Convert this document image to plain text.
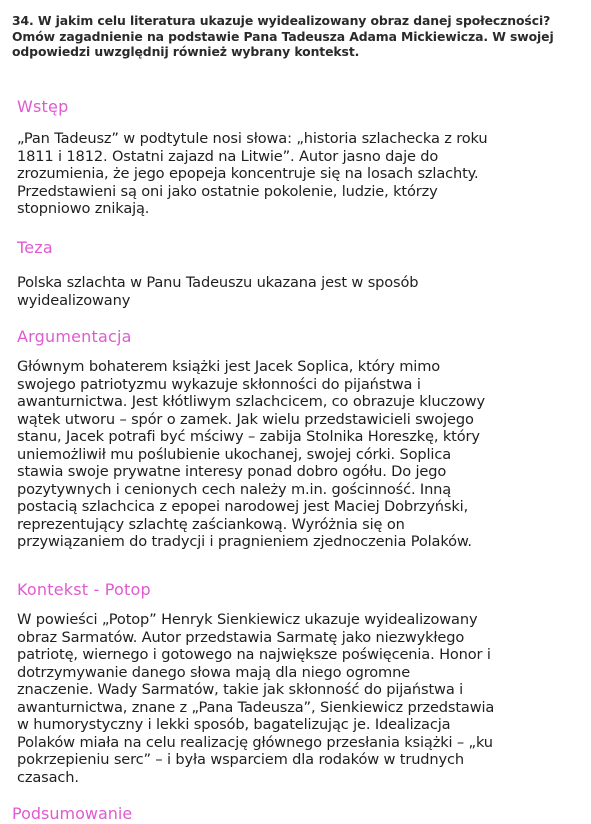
34. W jakim celu literatura ukazuje wyidealizowany obraz danej społeczności?
Omów zagadnienie na podstawie Pana Tadeusza Adama Mickiewicza. W swojej
odpowiedzi uwzględnij również wybrany kontekst.
Wstęp
„Pan Tadeusz” w podtytule nosi słowa: „historia szlachecka z roku
1811 i 1812. Ostatni zajazd na Litwie”. Autor jasno daje do
zrozumienia, że jego epopeja koncentruje się na losach szlachty.
Przedstawieni są oni jako ostatnie pokolenie, ludzie, którzy
stopniowo znikają.
Teza
Polska szlachta w Panu Tadeuszu ukazana jest w sposób
wyidealizowany
Argumentacja
Głównym bohaterem książki jest Jacek Soplica, który mimo
swojego patriotyzmu wykazuje skłonności do pijaństwa i
awanturnictwa. Jest kłótliwym szlachcicem, co obrazuje kluczowy
wątek utworu – spór o zamek. Jak wielu przedstawicieli swojego
stanu, Jacek potrafi być mściwy – zabija Stolnika Horeszkę, który
uniemożliwił mu poślubienie ukochanej, swojej córki. Soplica
stawia swoje prywatne interesy ponad dobro ogółu. Do jego
pozytywnych i cenionych cech należy m.in. gościnność. Inną
postacią szlachcica z epopei narodowej jest Maciej Dobrzyński,
reprezentujący szlachtę zaściankową. Wyróżnia się on
przywiązaniem do tradycji i pragnieniem zjednoczenia Polaków.
Kontekst - Potop
W powieści „Potop” Henryk Sienkiewicz ukazuje wyidealizowany
obraz Sarmatów. Autor przedstawia Sarmatę jako niezwykłego
patriotę, wiernego i gotowego na największe poświęcenia. Honor i
dotrzymywanie danego słowa mają dla niego ogromne
znaczenie. Wady Sarmatów, takie jak skłonność do pijaństwa i
awanturnictwa, znane z „Pana Tadeusza”, Sienkiewicz przedstawia
w humorystyczny i lekki sposób, bagatelizując je. Idealizacja
Polaków miała na celu realizację głównego przesłania książki – „ku
pokrzepieniu serc” – i była wsparciem dla rodaków w trudnych
czasach.
Podsumowanie
